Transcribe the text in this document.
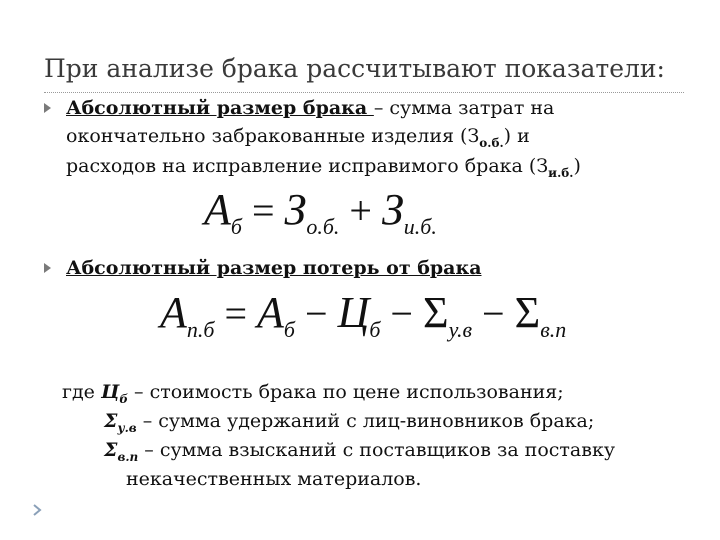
При анализе брака рассчитывают показатели:
Абсолютный размер брака – сумма затрат на
окончательно забракованные изделия $(З_{о.б.})$ и
расходов на исправление исправимого брака $(З_{и.б.})$
Аб = Зо.б. + Зи.б.
Абсолютный размер потерь от брака
Ап.б = Аб − Цб − Σу.в − Σв.п
где $Ц_б$ – стоимость брака по цене использования;
$\Sigma_{у.в}$ – сумма удержаний с лиц-виновников брака;
$\Sigma_{в.п}$ – сумма взысканий с поставщиков за поставку
некачественных материалов.
